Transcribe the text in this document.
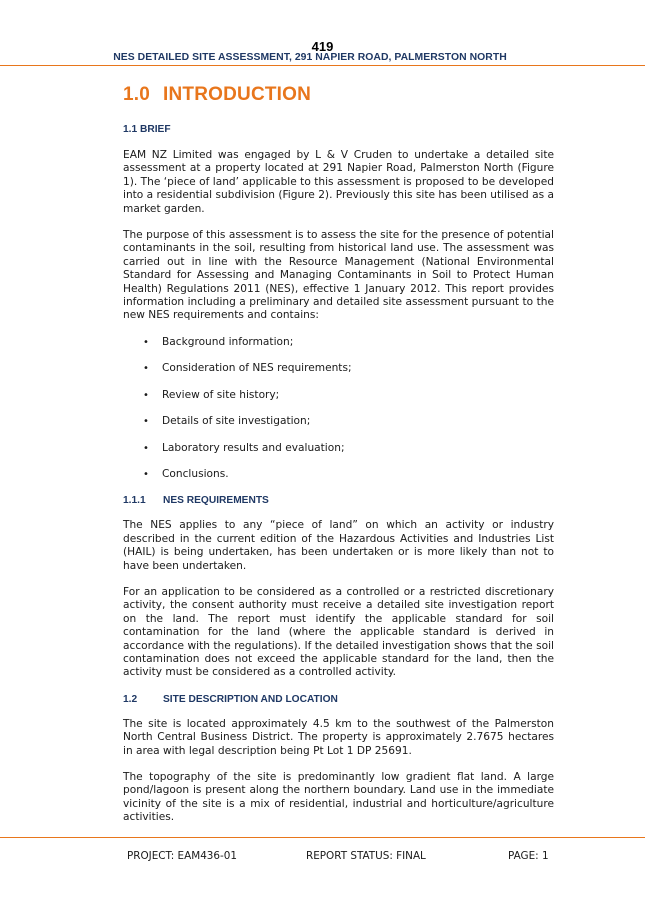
419
NES DETAILED SITE ASSESSMENT, 291 NAPIER ROAD, PALMERSTON NORTH
1.0 INTRODUCTION
1.1 BRIEF

EAM NZ Limited was engaged by L & V Cruden to undertake a detailed site assessment at a property located at 291 Napier Road, Palmerston North (Figure 1). The ‘piece of land’ applicable to this assessment is proposed to be developed into a residential subdivision (Figure 2). Previously this site has been utilised as a market garden.

The purpose of this assessment is to assess the site for the presence of potential contaminants in the soil, resulting from historical land use. The assessment was carried out in line with the Resource Management (National Environmental Standard for Assessing and Managing Contaminants in Soil to Protect Human Health) Regulations 2011 (NES), effective 1 January 2012. This report provides information including a preliminary and detailed site assessment pursuant to the new NES requirements and contains:

• Background information;
• Consideration of NES requirements;
• Review of site history;
• Details of site investigation;
• Laboratory results and evaluation;
• Conclusions.
1.1.1 NES REQUIREMENTS

The NES applies to any “piece of land” on which an activity or industry described in the current edition of the Hazardous Activities and Industries List (HAIL) is being undertaken, has been undertaken or is more likely than not to have been undertaken.

For an application to be considered as a controlled or a restricted discretionary activity, the consent authority must receive a detailed site investigation report on the land. The report must identify the applicable standard for soil contamination for the land (where the applicable standard is derived in accordance with the regulations). If the detailed investigation shows that the soil contamination does not exceed the applicable standard for the land, then the activity must be considered as a controlled activity.

1.2	SITE DESCRIPTION AND LOCATION

The site is located approximately 4.5 km to the southwest of the Palmerston North Central Business District. The property is approximately 2.7675 hectares in area with legal description being Pt Lot 1 DP 25691.

The topography of the site is predominantly low gradient flat land. A large pond/lagoon is present along the northern boundary. Land use in the immediate vicinity of the site is a mix of residential, industrial and horticulture/agriculture activities.

PROJECT: EAM436-01	REPORT STATUS: FINAL	PAGE: 1
